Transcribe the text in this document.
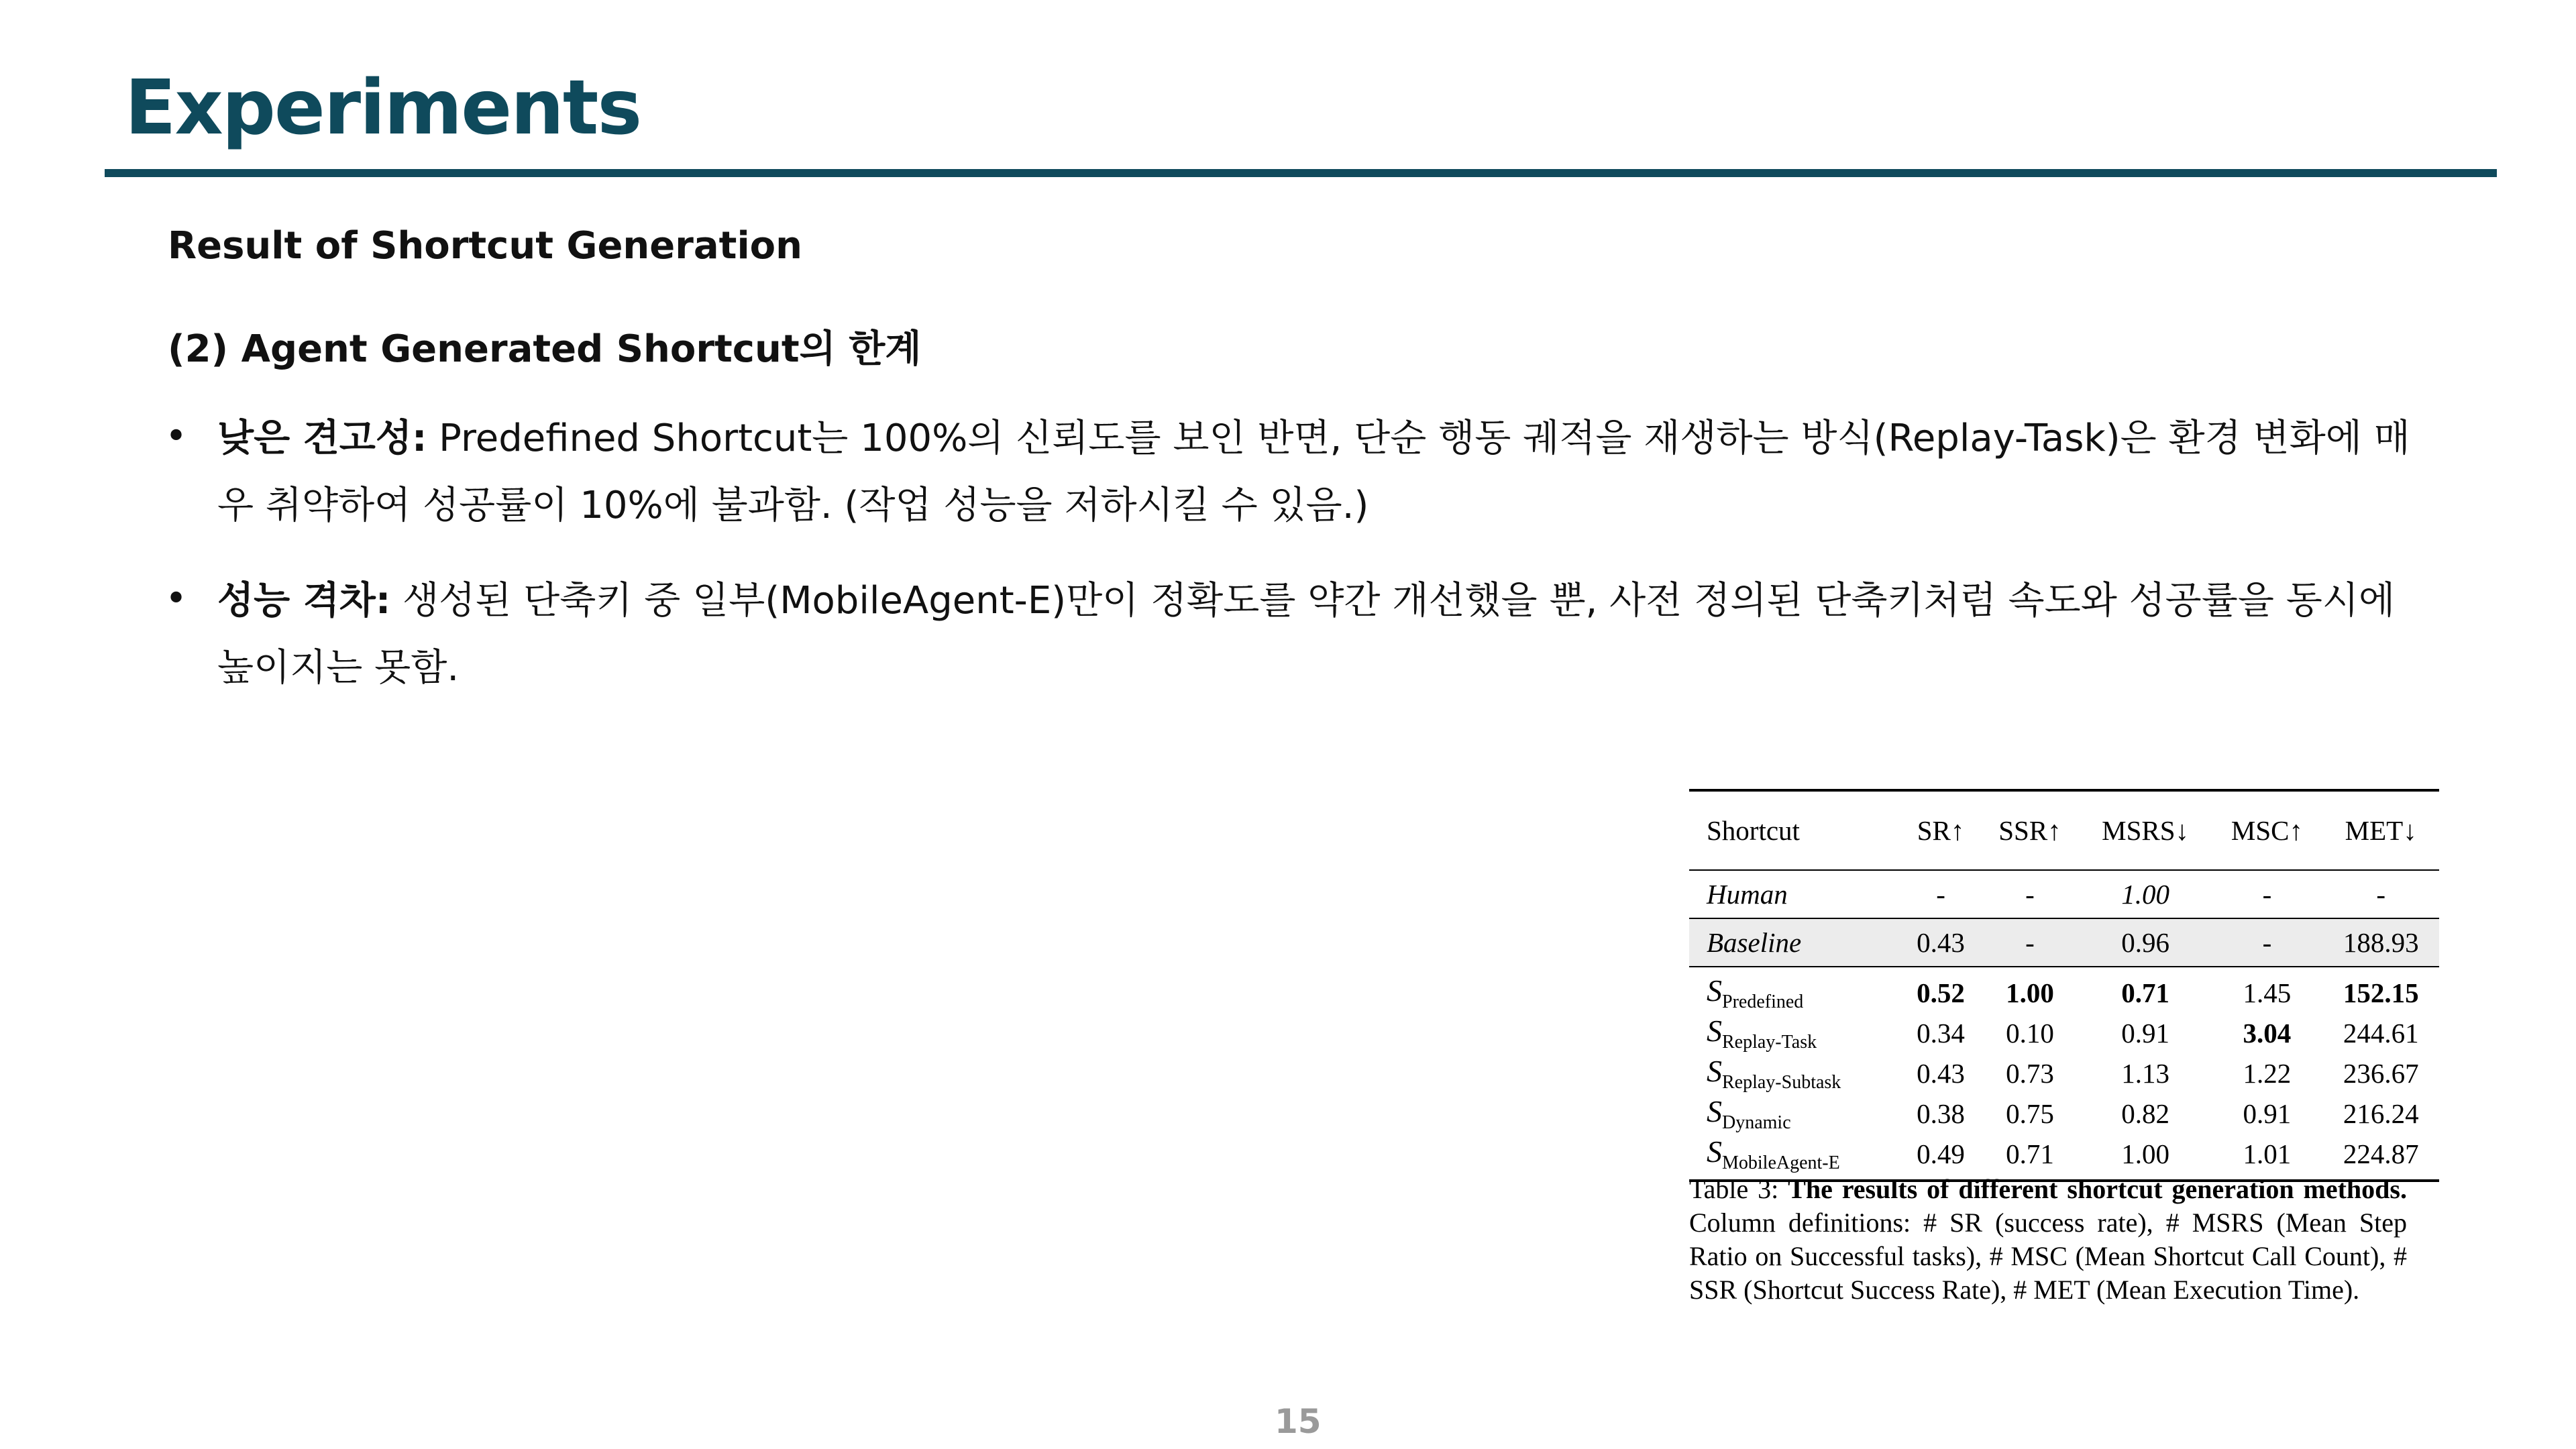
Experiments
Result of Shortcut Generation
(2) Agent Generated Shortcut의 한계
• 낮은 견고성: Predefined Shortcut는 100%의 신뢰도를 보인 반면, 단순 행동 궤적을 재생하는 방식(Replay-Task)은 환경 변화에 매우 취약하여 성공률이 10%에 불과함. (작업 성능을 저하시킬 수 있음.)
• 성능 격차: 생성된 단축키 중 일부(MobileAgent-E)만이 정확도를 약간 개선했을 뿐, 사전 정의된 단축키처럼 속도와 성공률을 동시에 높이지는 못함.
Shortcut	SR↑	SSR↑	MSRS↓	MSC↑	MET↓
Human	-	-	1.00	-	-
Baseline	0.43	-	0.96	-	188.93
$S_{Predefined}$	0.52	1.00	0.71	1.45	152.15
$S_{Replay-Task}$	0.34	0.10	0.91	3.04	244.61
$S_{Replay-Subtask}$	0.43	0.73	1.13	1.22	236.67
$S_{Dynamic}$	0.38	0.75	0.82	0.91	216.24
$S_{MobileAgent-E}$	0.49	0.71	1.00	1.01	224.87
Table 3: The results of different shortcut generation methods. Column definitions: # SR (success rate), # MSRS (Mean Step Ratio on Successful tasks), # MSC (Mean Shortcut Call Count), # SSR (Shortcut Success Rate), # MET (Mean Execution Time).
15
